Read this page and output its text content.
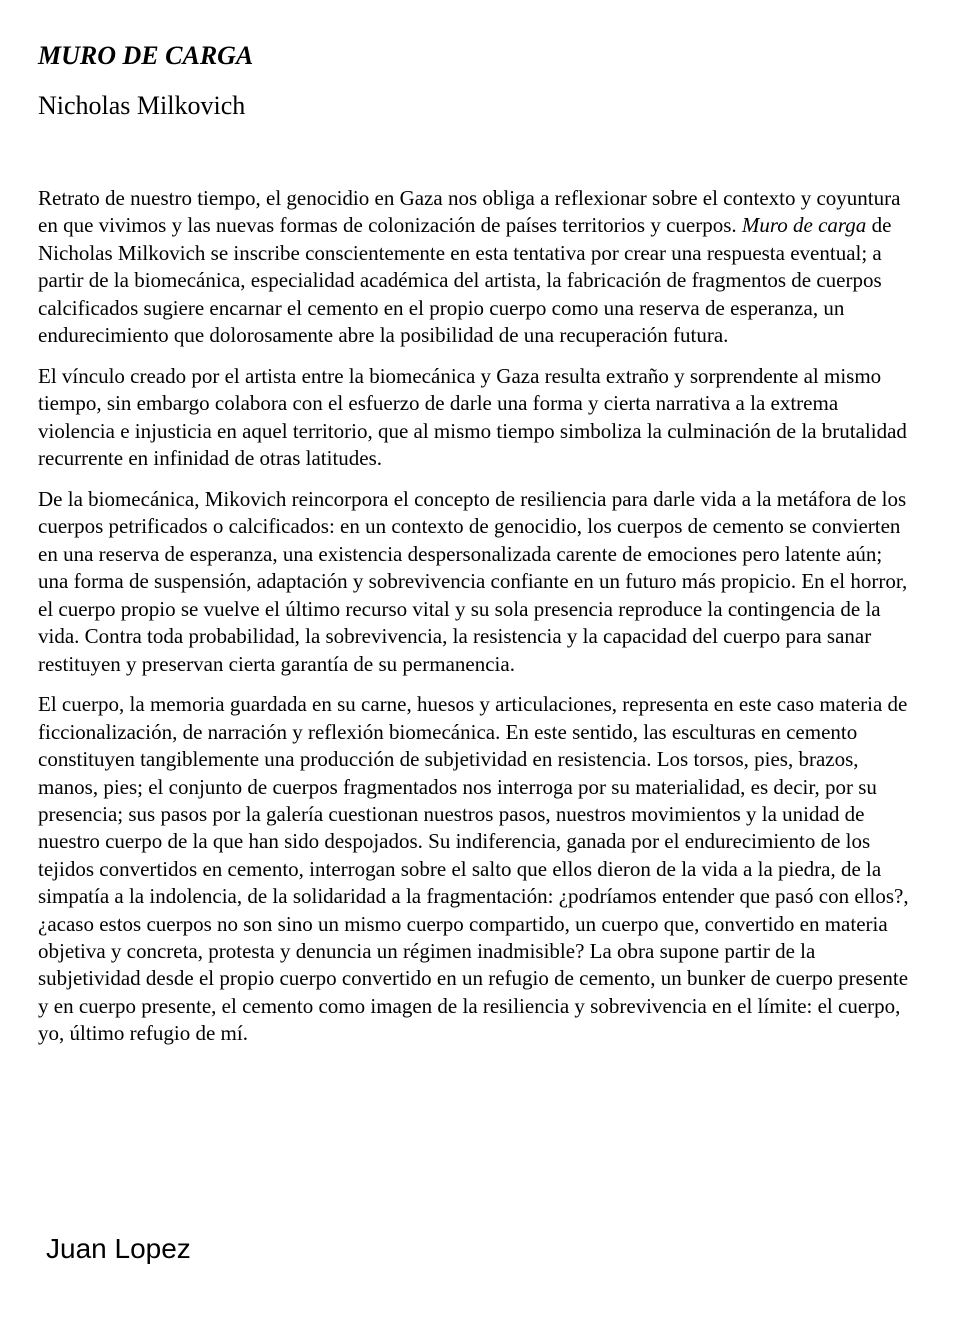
MURO DE CARGA
Nicholas Milkovich

Retrato de nuestro tiempo, el genocidio en Gaza nos obliga a reflexionar sobre el contexto y coyuntura en que vivimos y las nuevas formas de colonización de países territorios y cuerpos. Muro de carga de Nicholas Milkovich se inscribe conscientemente en esta tentativa por crear una respuesta eventual; a partir de la biomecánica, especialidad académica del artista, la fabricación de fragmentos de cuerpos calcificados sugiere encarnar el cemento en el propio cuerpo como una reserva de esperanza, un endurecimiento que dolorosamente abre la posibilidad de una recuperación futura.

El vínculo creado por el artista entre la biomecánica y Gaza resulta extraño y sorprendente al mismo tiempo, sin embargo colabora con el esfuerzo de darle una forma y cierta narrativa a la extrema violencia e injusticia en aquel territorio, que al mismo tiempo simboliza la culminación de la brutalidad recurrente en infinidad de otras latitudes.

De la biomecánica, Mikovich reincorpora el concepto de resiliencia para darle vida a la metáfora de los cuerpos petrificados o calcificados: en un contexto de genocidio, los cuerpos de cemento se convierten en una reserva de esperanza, una existencia despersonalizada carente de emociones pero latente aún; una forma de suspensión, adaptación y sobrevivencia confiante en un futuro más propicio. En el horror, el cuerpo propio se vuelve el último recurso vital y su sola presencia reproduce la contingencia de la vida. Contra toda probabilidad, la sobrevivencia, la resistencia y la capacidad del cuerpo para sanar restituyen y preservan cierta garantía de su permanencia.

El cuerpo, la memoria guardada en su carne, huesos y articulaciones, representa en este caso materia de ficcionalización, de narración y reflexión biomecánica. En este sentido, las esculturas en cemento constituyen tangiblemente una producción de subjetividad en resistencia. Los torsos, pies, brazos, manos, pies; el conjunto de cuerpos fragmentados nos interroga por su materialidad, es decir, por su presencia; sus pasos por la galería cuestionan nuestros pasos, nuestros movimientos y la unidad de nuestro cuerpo de la que han sido despojados. Su indiferencia, ganada por el endurecimiento de los tejidos convertidos en cemento, interrogan sobre el salto que ellos dieron de la vida a la piedra, de la simpatía a la indolencia, de la solidaridad a la fragmentación: ¿podríamos entender que pasó con ellos?, ¿acaso estos cuerpos no son sino un mismo cuerpo compartido, un cuerpo que, convertido en materia objetiva y concreta, protesta y denuncia un régimen inadmisible? La obra supone partir de la subjetividad desde el propio cuerpo convertido en un refugio de cemento, un bunker de cuerpo presente y en cuerpo presente, el cemento como imagen de la resiliencia y sobrevivencia en el límite: el cuerpo, yo, último refugio de mí.

Juan Lopez
